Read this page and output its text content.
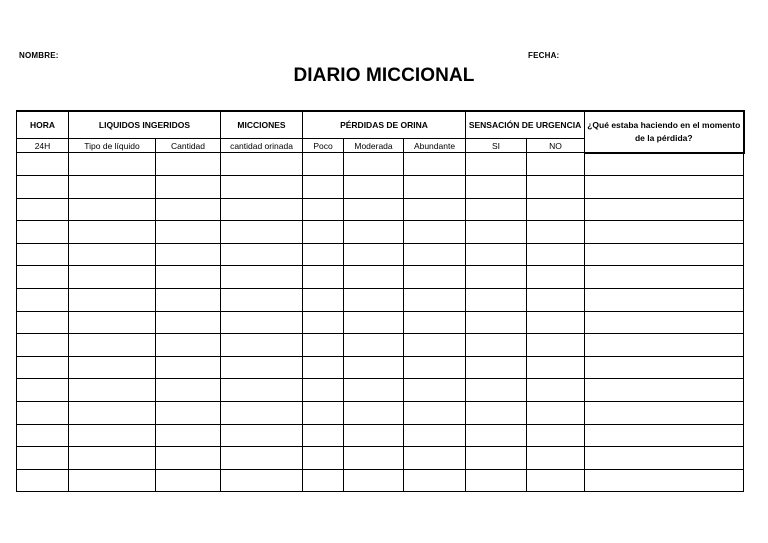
NOMBRE:	FECHA:
DIARIO MICCIONAL
HORA	LIQUIDOS INGERIDOS		MICCIONES	PÉRDIDAS DE ORINA			SENSACIÓN DE URGENCIA		¿Qué estaba haciendo en el momento de la pérdida?
24H	Tipo de líquido	Cantidad	cantidad orinada	Poco	Moderada	Abundante	SI	NO	
